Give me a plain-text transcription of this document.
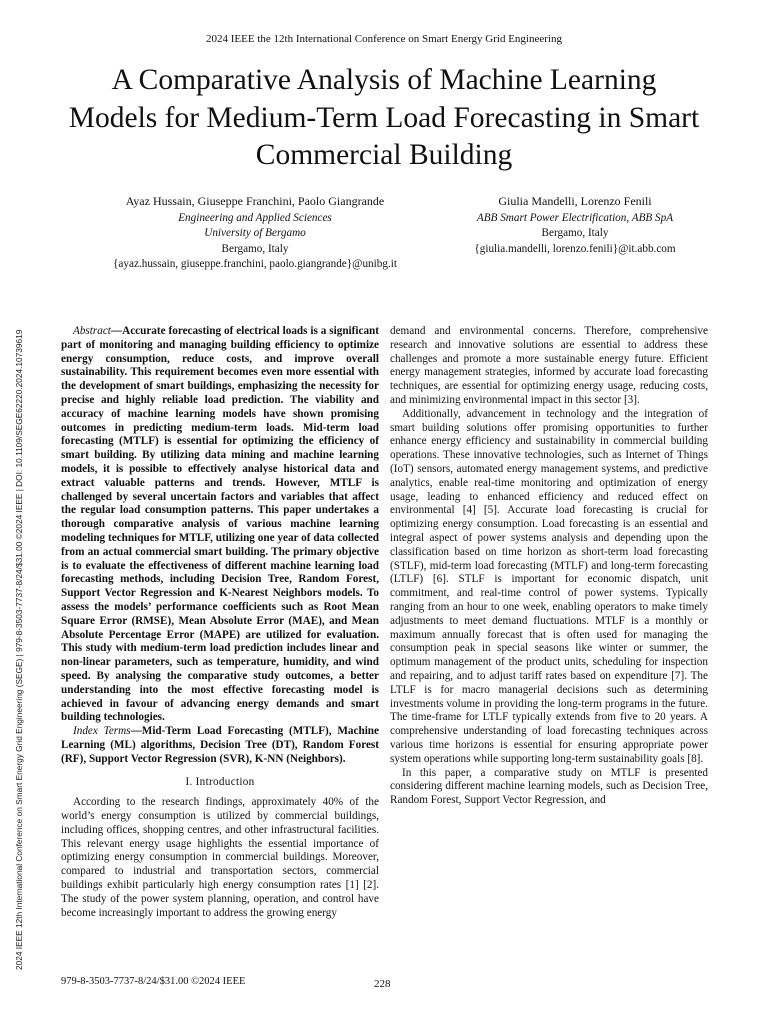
2024 IEEE the 12th International Conference on Smart Energy Grid Engineering
A Comparative Analysis of Machine Learning Models for Medium-Term Load Forecasting in Smart Commercial Building
Ayaz Hussain, Giuseppe Franchini, Paolo Giangrande
Engineering and Applied Sciences
University of Bergamo
Bergamo, Italy
{ayaz.hussain, giuseppe.franchini, paolo.giangrande}@unibg.it
Giulia Mandelli, Lorenzo Fenili
ABB Smart Power Electrification, ABB SpA
Bergamo, Italy
{giulia.mandelli, lorenzo.fenili}@it.abb.com
2024 IEEE 12th International Conference on Smart Energy Grid Engineering (SEGE) | 979-8-3503-7737-8/24/$31.00 ©2024 IEEE | DOI: 10.1109/SEGE62220.2024.10739619	Abstract—Accurate forecasting of electrical loads is a significant part of monitoring and managing building efficiency to optimize energy consumption, reduce costs, and improve overall sustainability. This requirement becomes even more essential with the development of smart buildings, emphasizing the necessity for precise and highly reliable load prediction. The viability and accuracy of machine learning models have shown promising outcomes in predicting medium-term loads. Mid-term load forecasting (MTLF) is essential for optimizing the efficiency of smart building. By utilizing data mining and machine learning models, it is possible to effectively analyse historical data and extract valuable patterns and trends. However, MTLF is challenged by several uncertain factors and variables that affect the regular load consumption patterns. This paper undertakes a thorough comparative analysis of various machine learning modeling techniques for MTLF, utilizing one year of data collected from an actual commercial smart building. The primary objective is to evaluate the effectiveness of different machine learning load forecasting methods, including Decision Tree, Random Forest, Support Vector Regression and K-Nearest Neighbors models. To assess the models’ performance coefficients such as Root Mean Square Error (RMSE), Mean Absolute Error (MAE), and Mean Absolute Percentage Error (MAPE) are utilized for evaluation. This study with medium-term load prediction includes linear and non-linear parameters, such as temperature, humidity, and wind speed. By analysing the comparative study outcomes, a better understanding into the most effective forecasting model is achieved in favour of advancing energy demands and smart building technologies.

Index Terms—Mid-Term Load Forecasting (MTLF), Machine Learning (ML) algorithms, Decision Tree (DT), Random Forest (RF), Support Vector Regression (SVR), K-NN (Neighbors).

I. Introduction

According to the research findings, approximately 40% of the world’s energy consumption is utilized by commercial buildings, including offices, shopping centres, and other infrastructural facilities. This relevant energy usage highlights the essential importance of optimizing energy consumption in commercial buildings. Moreover, compared to industrial and transportation sectors, commercial buildings exhibit particularly high energy consumption rates [1] [2]. The study of the power system planning, operation, and control have become increasingly important to address the growing energy

demand and environmental concerns. Therefore, comprehensive research and innovative solutions are essential to address these challenges and promote a more sustainable energy future. Efficient energy management strategies, informed by accurate load forecasting techniques, are essential for optimizing energy usage, reducing costs, and minimizing environmental impact in this sector [3].

Additionally, advancement in technology and the integration of smart building solutions offer promising opportunities to further enhance energy efficiency and sustainability in commercial building operations. These innovative technologies, such as Internet of Things (IoT) sensors, automated energy management systems, and predictive analytics, enable real-time monitoring and optimization of energy usage, leading to enhanced efficiency and reduced effect on environmental [4] [5]. Accurate load forecasting is crucial for optimizing energy consumption. Load forecasting is an essential and integral aspect of power systems analysis and depending upon the classification based on time horizon as short-term load forecasting (STLF), mid-term load forecasting (MTLF) and long-term forecasting (LTLF) [6]. STLF is important for economic dispatch, unit commitment, and real-time control of power systems. Typically ranging from an hour to one week, enabling operators to make timely adjustments to meet demand fluctuations. MTLF is a monthly or maximum annually forecast that is often used for managing the consumption peak in special seasons like winter or summer, the optimum management of the product units, scheduling for inspection and repairing, and to adjust tariff rates based on expenditure [7]. The LTLF is for macro managerial decisions such as determining investments volume in providing the long-term programs in the future. The time-frame for LTLF typically extends from five to 20 years. A comprehensive understanding of load forecasting techniques across various time horizons is essential for ensuring appropriate power system operations while supporting long-term sustainability goals [8].

In this paper, a comparative study on MTLF is presented considering different machine learning models, such as Decision Tree, Random Forest, Support Vector Regression, and

979-8-3503-7737-8/24/$31.00 ©2024 IEEE	228
